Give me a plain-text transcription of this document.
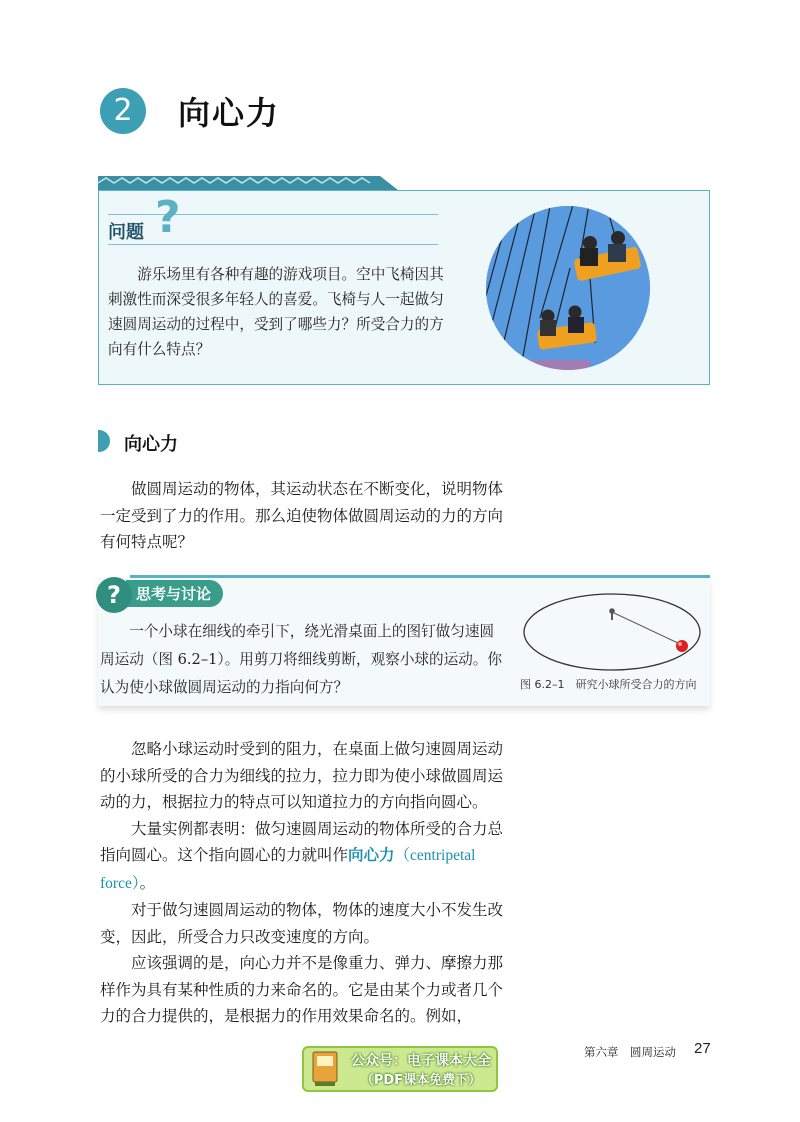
2	向心力
问题 ?

游乐场里有各种有趣的游戏项目。空中飞椅因其刺激性而深受很多年轻人的喜爱。飞椅与人一起做匀速圆周运动的过程中，受到了哪些力？所受合力的方向有什么特点？

向心力

做圆周运动的物体，其运动状态在不断变化，说明物体一定受到了力的作用。那么迫使物体做圆周运动的力的方向有何特点呢？

思考与讨论
?

一个小球在细线的牵引下，绕光滑桌面上的图钉做匀速圆周运动（图 6.2–1）。用剪刀将细线剪断，观察小球的运动。你认为使小球做圆周运动的力指向何方？	图 6.2–1　研究小球所受合力的方向

忽略小球运动时受到的阻力，在桌面上做匀速圆周运动的小球所受的合力为细线的拉力，拉力即为使小球做圆周运动的力，根据拉力的特点可以知道拉力的方向指向圆心。

大量实例都表明：做匀速圆周运动的物体所受的合力总指向圆心。这个指向圆心的力就叫作向心力（centripetal force）。

对于做匀速圆周运动的物体，物体的速度大小不发生改变，因此，所受合力只改变速度的方向。

应该强调的是，向心力并不是像重力、弹力、摩擦力那样作为具有某种性质的力来命名的。它是由某个力或者几个力的合力提供的，是根据力的作用效果命名的。例如，

第六章　圆周运动 27
公众号：电子课本大全
（PDF课本免费下）
